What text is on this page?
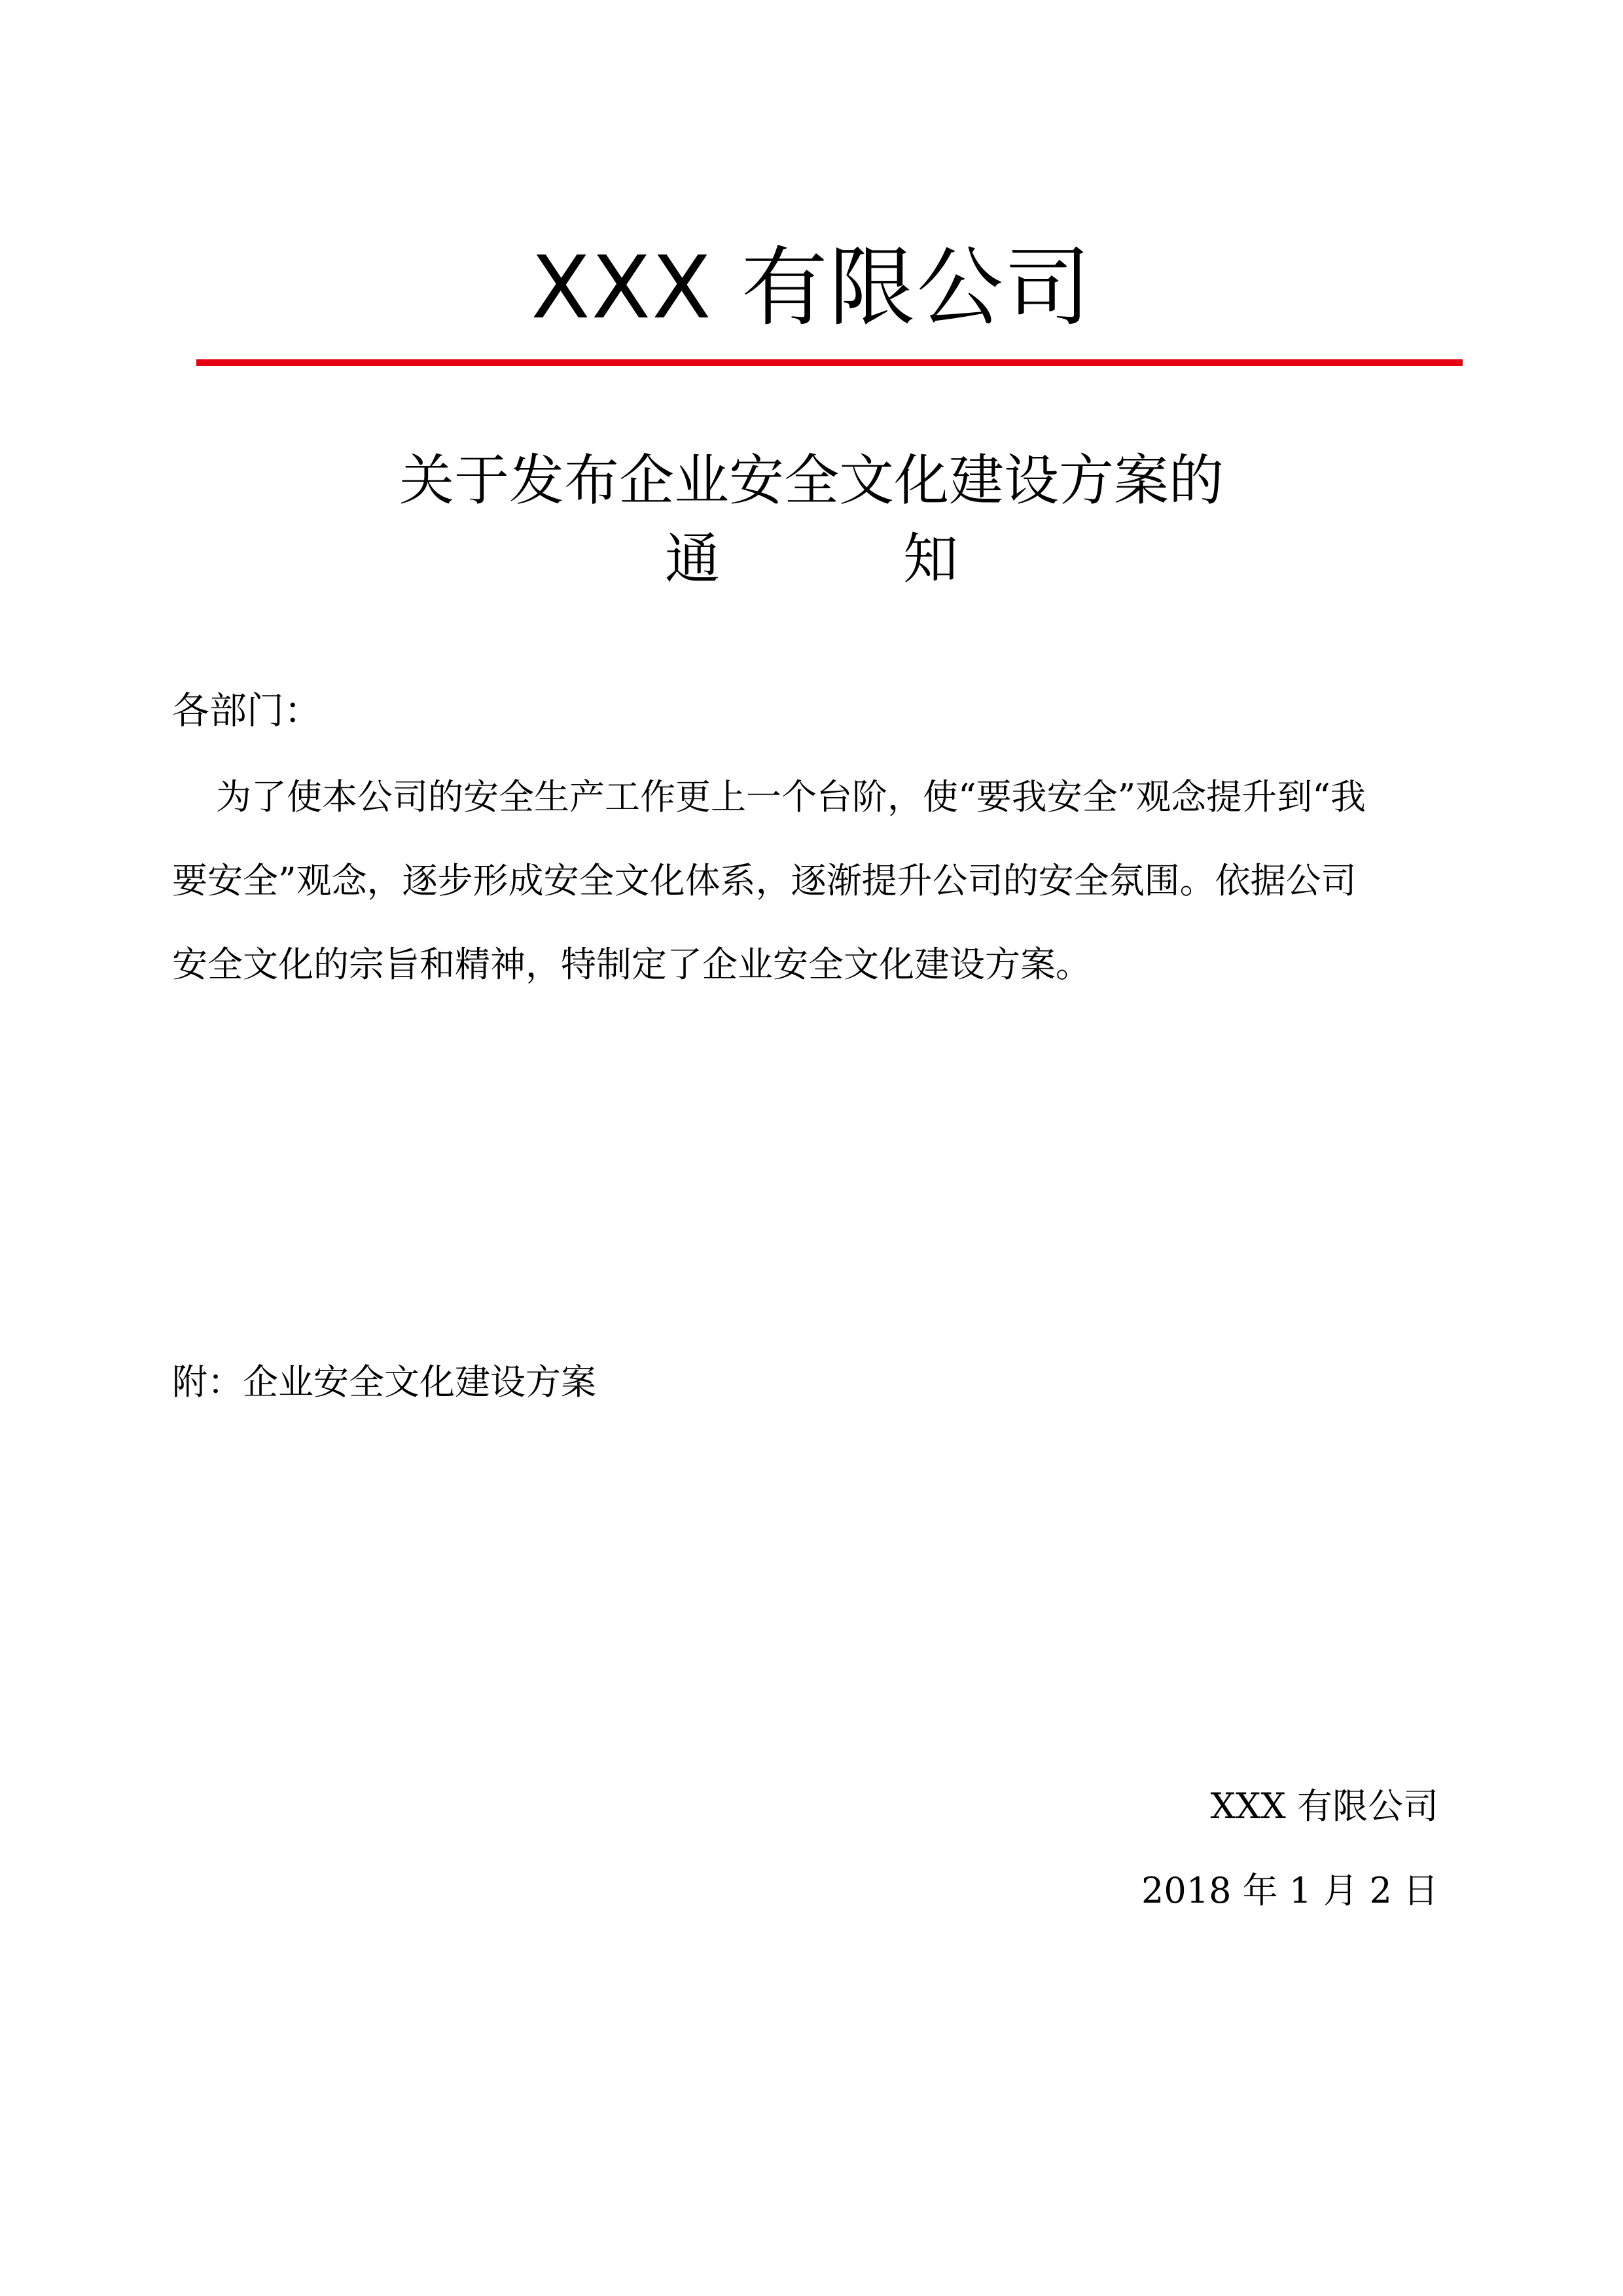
XXX 有限公司
关于发布企业安全文化建设方案的
通	知
各部门：
为了使本公司的安全生产工作更上一个台阶，使“要我安全”观念提升到“我
要安全”观念，逐步形成安全文化体系，逐渐提升公司的安全氛围。依据公司
安全文化的宗旨和精神，特制定了企业安全文化建设方案。
附：企业安全文化建设方案
XXX 有限公司
2018 年 1 月 2 日
